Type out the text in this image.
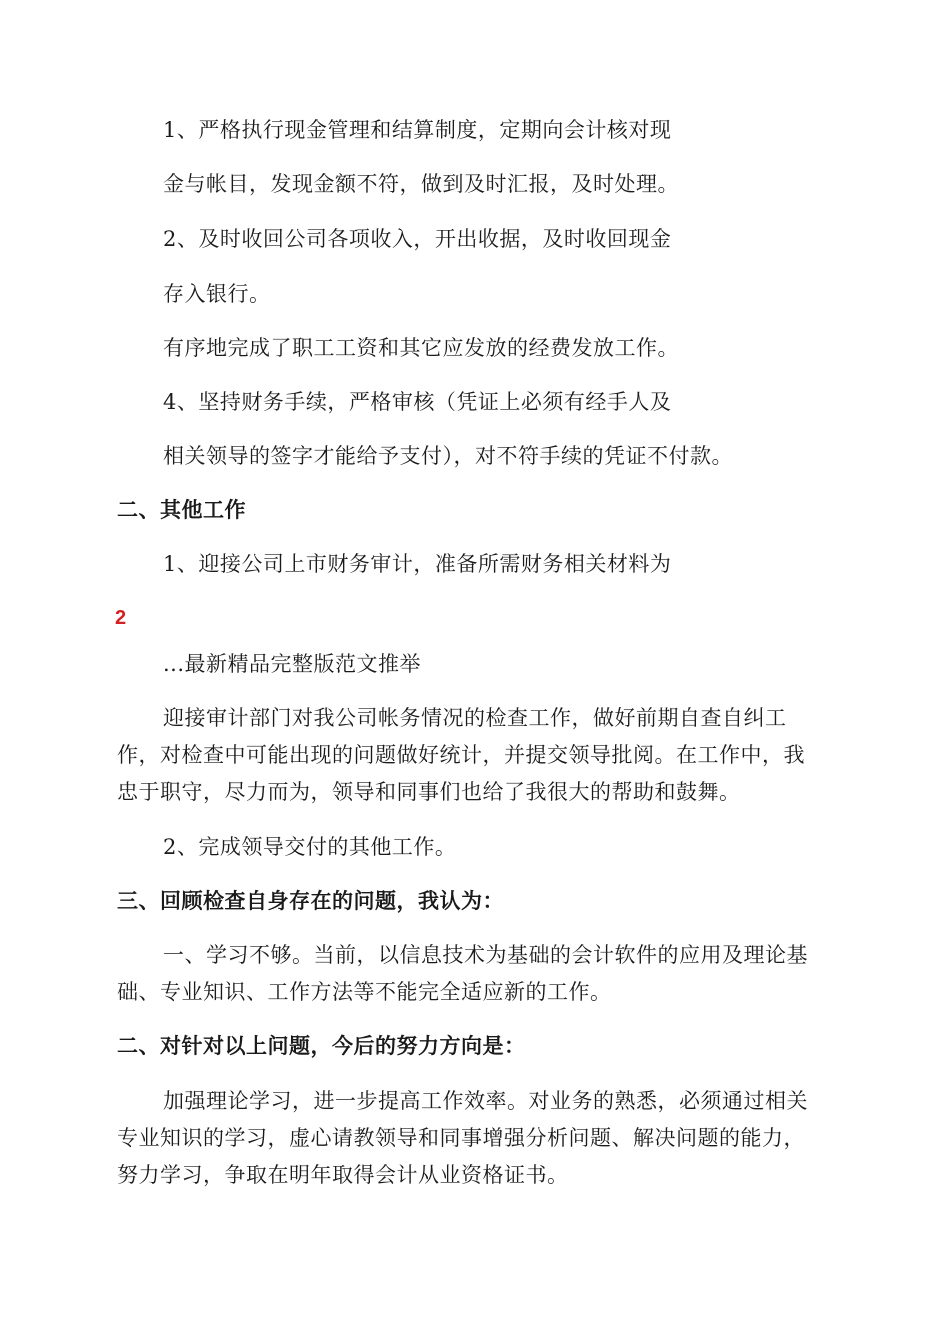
1、严格执行现金管理和结算制度，定期向会计核对现
金与帐目，发现金额不符，做到及时汇报，及时处理。
2、及时收回公司各项收入，开出收据，及时收回现金
存入银行。
有序地完成了职工工资和其它应发放的经费发放工作。
4、坚持财务手续，严格审核（凭证上必须有经手人及
相关领导的签字才能给予支付），对不符手续的凭证不付款。
二、其他工作
1、迎接公司上市财务审计，准备所需财务相关材料为
2
...最新精品完整版范文推举
迎接审计部门对我公司帐务情况的检查工作，做好前期自查自纠工
作，对检查中可能出现的问题做好统计，并提交领导批阅。在工作中，我
忠于职守，尽力而为，领导和同事们也给了我很大的帮助和鼓舞。
2、完成领导交付的其他工作。
三、回顾检查自身存在的问题，我认为：
一、学习不够。当前，以信息技术为基础的会计软件的应用及理论基
础、专业知识、工作方法等不能完全适应新的工作。
二、对针对以上问题，今后的努力方向是：
加强理论学习，进一步提高工作效率。对业务的熟悉，必须通过相关
专业知识的学习，虚心请教领导和同事增强分析问题、解决问题的能力，
努力学习，争取在明年取得会计从业资格证书。
